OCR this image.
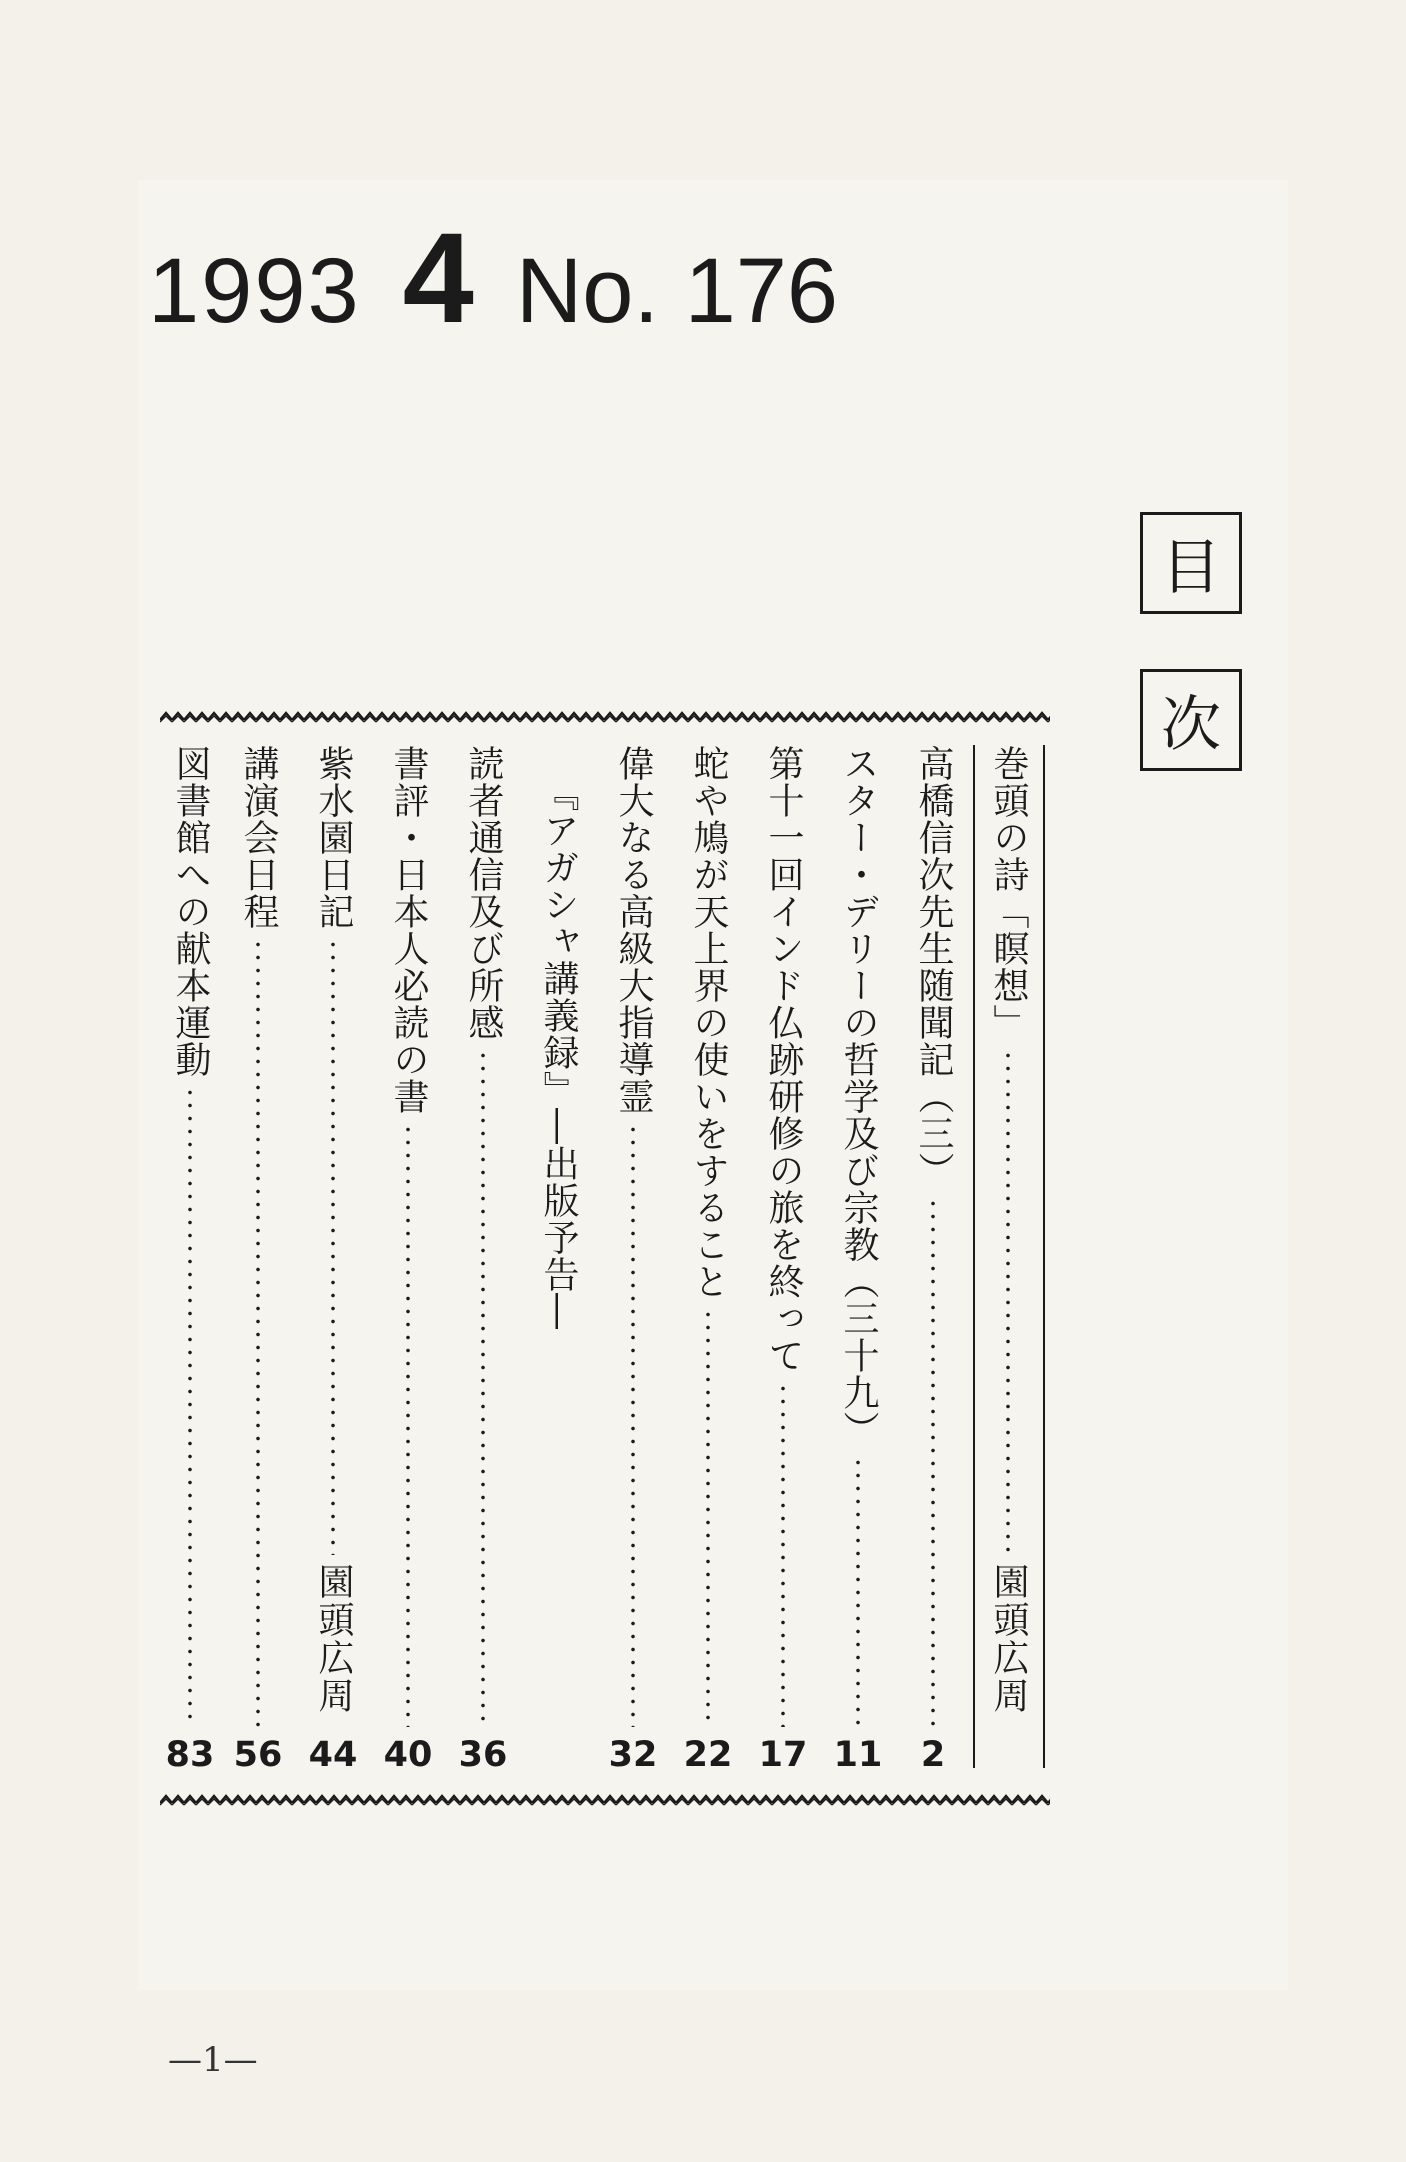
1993 4 No. 176
目
次
巻頭の詩「瞑想」
園頭広周
高橋信次先生随聞記（三）
2
スター・デリーの哲学及び宗教（三十九）
11
第十一回インド仏跡研修の旅を終って
17
蛇や鳩が天上界の使いをすること
22
偉大なる高級大指導霊
32
『アガシャ講義録』―出版予告―
読者通信及び所感
36
書評・日本人必読の書
40
紫水園日記
園頭広周
44
講演会日程
56
図書館への献本運動
83
—1—
